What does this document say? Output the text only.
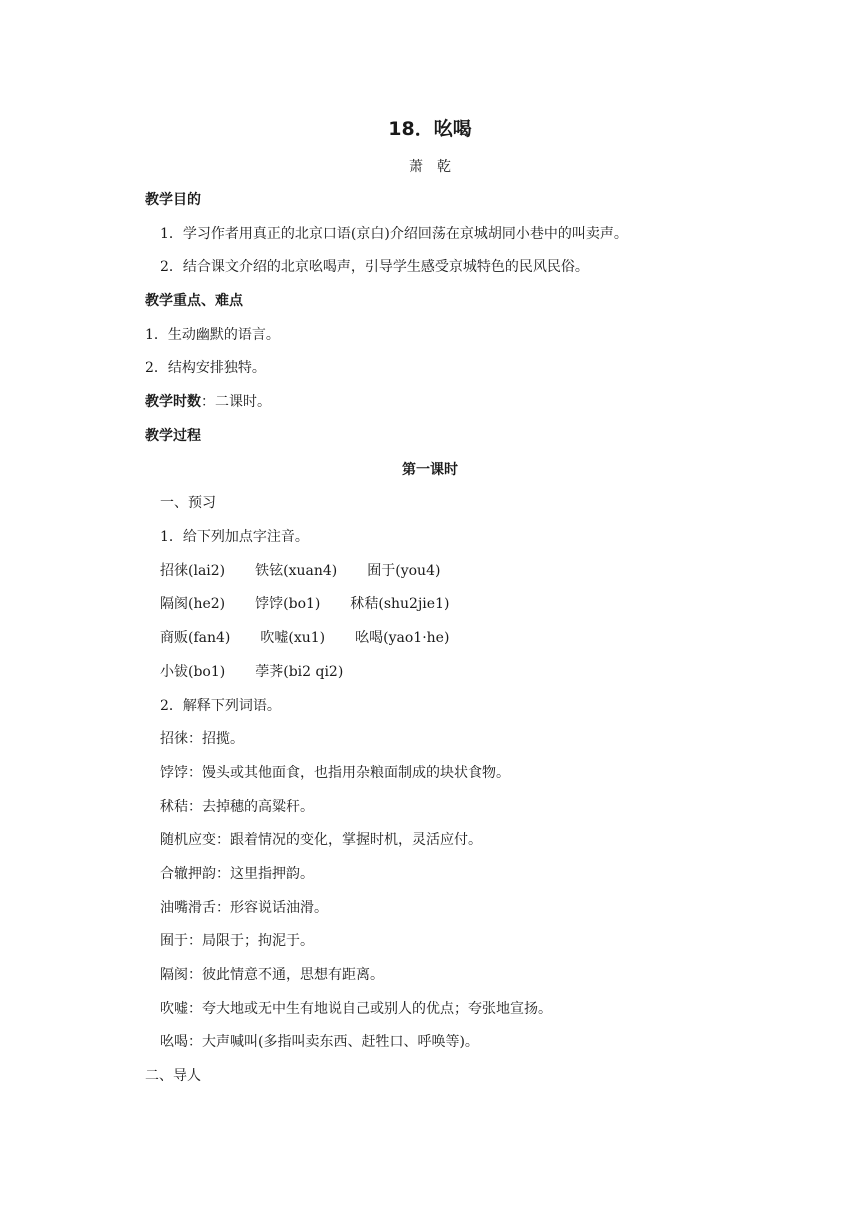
18．吆喝
萧乾
教学目的
1．学习作者用真正的北京口语(京白)介绍回荡在京城胡同小巷中的叫卖声。
2．结合课文介绍的北京吆喝声，引导学生感受京城特色的民风民俗。
教学重点、难点
1．生动幽默的语言。
2．结构安排独特。
教学时数：二课时。
教学过程
第一课时
一、预习
1．给下列加点字注音。
招徕(lai2) 铁铉(xuan4) 囿于(you4)
隔阂(he2) 饽饽(bo1) 秫秸(shu2jie1)
商贩(fan4) 吹嘘(xu1) 吆喝(yao1·he)
小钹(bo1) 荸荠(bi2 qi2)
2．解释下列词语。
招徕：招揽。
饽饽：馒头或其他面食，也指用杂粮面制成的块状食物。
秫秸：去掉穗的高粱秆。
随机应变：跟着情况的变化，掌握时机，灵活应付。
合辙押韵：这里指押韵。
油嘴滑舌：形容说话油滑。
囿于：局限于；拘泥于。
隔阂：彼此情意不通，思想有距离。
吹嘘：夸大地或无中生有地说自己或别人的优点；夸张地宣扬。
吆喝：大声喊叫(多指叫卖东西、赶牲口、呼唤等)。
二、导人
